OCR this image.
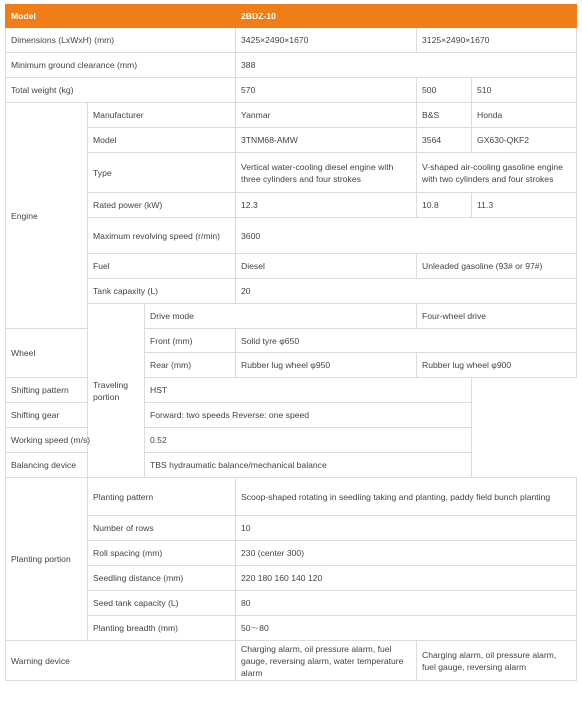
Model			2BDZ-10		
Dimensions (LxWxH) (mm)			3425×2490×1670	3125×2490×1670	
Minimum ground clearance (mm)			388		
Total weight (kg)			570	500	510
Engine	Manufacturer		Yanmar	B&S	Honda
	Model		3TNM68-AMW	3564	GX630-QKF2
	Type		Vertical water-cooling diesel engine with three cylinders and four strokes	V-shaped air-cooling gasoline engine with two cylinders and four strokes	
	Rated power (kW)		12.3	10.8	11.3
	Maximum revolving speed (r/min)		3600		
	Fuel		Diesel	Unleaded gasoline (93# or 97#)	
	Tank capaxity (L)		20		
	Traveling portion	Drive mode		Four-wheel drive	
Wheel		Front (mm)	Solid tyre φ650		
		Rear (mm)	Rubber lug wheel φ950	Rubber lug wheel φ900	
Shifting pattern		HST			
Shifting gear		Forward: two speeds Reverse: one speed			
Working speed (m/s)		0.52			
Balancing device		TBS hydraumatic balance/mechanical balance			
Planting portion	Planting pattern		Scoop-shaped rotating in seedling taking and planting, paddy field bunch planting		
	Number of rows		10		
	Roll spacing (mm)		230 (center 300)		
	Seedling distance (mm)		220 180 160 140 120		
	Seed tank capacity (L)		80		
	Planting breadth (mm)		50～80		
Warning device			Charging alarm, oil pressure alarm, fuel gauge, reversing alarm, water temperature alarm	Charging alarm, oil pressure alarm, fuel gauge, reversing alarm	
